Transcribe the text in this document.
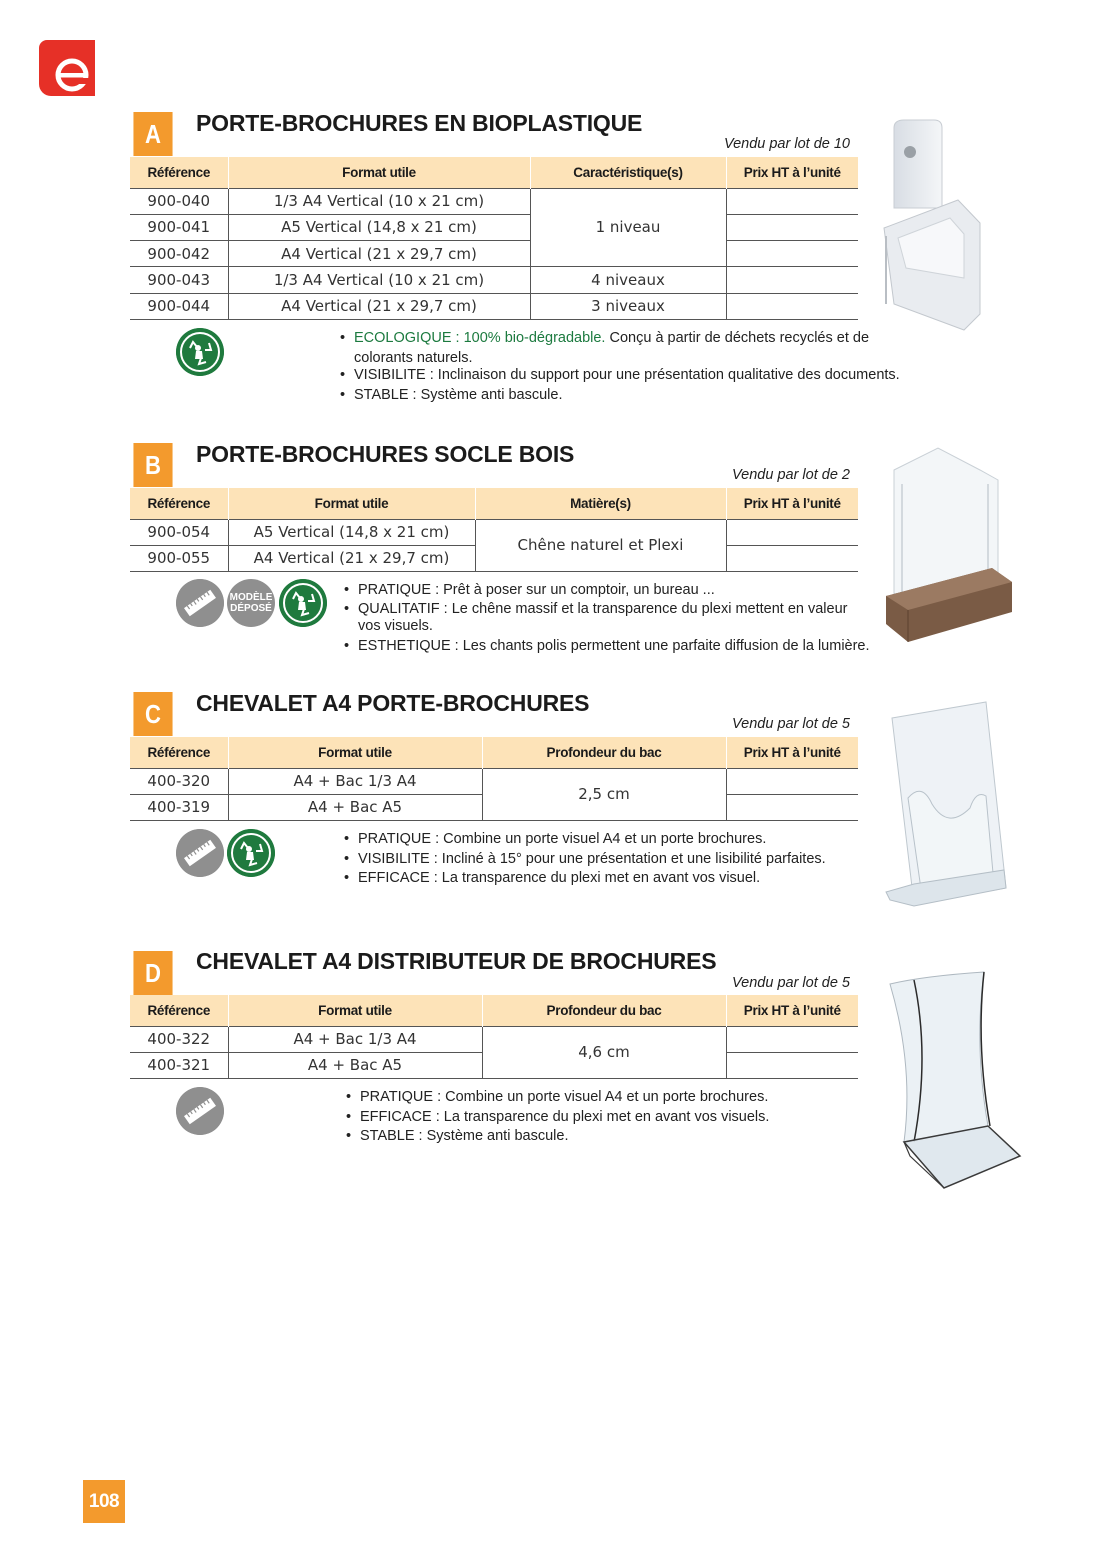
A	PORTE-BROCHURES EN BIOPLASTIQUE
Vendu par lot de 10
Référence	Format utile	Caractéristique(s)	Prix HT à l’unité
900-040	1/3 A4 Vertical (10 x 21 cm)	1 niveau	
900-041	A5 Vertical (14,8 x 21 cm)		
900-042	A4 Vertical (21 x 29,7 cm)		
900-043	1/3 A4 Vertical (10 x 21 cm)	4 niveaux	
900-044	A4 Vertical (21 x 29,7 cm)	3 niveaux	
• ECOLOGIQUE : 100% bio-dégradable. Conçu à partir de déchets recyclés et de colorants naturels.
• VISIBILITE : Inclinaison du support pour une présentation qualitative des documents.
• STABLE : Système anti bascule.
B	PORTE-BROCHURES SOCLE BOIS
Vendu par lot de 2
Référence	Format utile	Matière(s)	Prix HT à l’unité
900-054	A5 Vertical (14,8 x 21 cm)	Chêne naturel et Plexi	
900-055	A4 Vertical (21 x 29,7 cm)		
MODÈLE
DÉPOSÉ
• PRATIQUE : Prêt à poser sur un comptoir, un bureau ...
• QUALITATIF : Le chêne massif et la transparence du plexi mettent en valeur vos visuels.
• ESTHETIQUE : Les chants polis permettent une parfaite diffusion de la lumière.
C	CHEVALET A4 PORTE-BROCHURES
Vendu par lot de 5
Référence	Format utile	Profondeur du bac	Prix HT à l’unité
400-320	A4 + Bac 1/3 A4	2,5 cm	
400-319	A4 + Bac A5		
• PRATIQUE : Combine un porte visuel A4 et un porte brochures.
• VISIBILITE : Incliné à 15° pour une présentation et une lisibilité parfaites.
• EFFICACE : La transparence du plexi met en avant vos visuel.
D	CHEVALET A4 DISTRIBUTEUR DE BROCHURES
Vendu par lot de 5
Référence	Format utile	Profondeur du bac	Prix HT à l’unité
400-322	A4 + Bac 1/3 A4	4,6 cm	
400-321	A4 + Bac A5		
• PRATIQUE : Combine un porte visuel A4 et un porte brochures.
• EFFICACE : La transparence du plexi met en avant vos visuels.
• STABLE : Système anti bascule.
108
